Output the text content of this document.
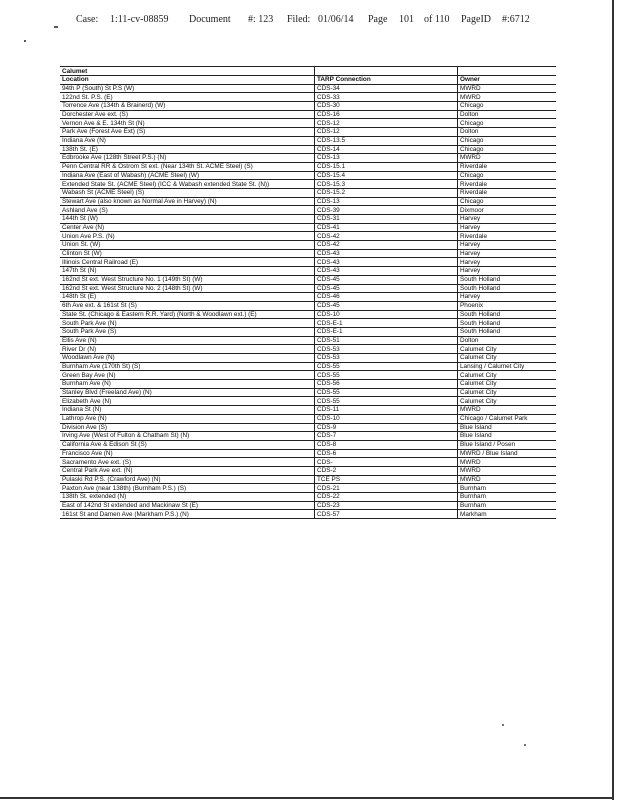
Case: 1:11-cv-08859 Document #: 123 Filed: 01/06/14 Page 101 of 110 PageID #:6712
Calumet		
Location	TARP Connection	Owner
94th P (South) St P.S (W)	CDS-34	MWRD
122nd St. P.S. (E)	CDS-33	MWRD
Torrence Ave (134th & Brainerd) (W)	CDS-30	Chicago
Dorchester Ave ext. (S)	CDS-16	Dolton
Vernon Ave & E. 134th St (N)	CDS-12	Chicago
Park Ave (Forest Ave Ext) (S)	CDS-12	Dolton
Indiana Ave (N)	CDS-13.5	Chicago
138th St. (E)	CDS-14	Chicago
Edbrooke Ave (128th Street P.S.) (N)	CDS-13	MWRD
Penn Central RR & Ostrom St ext. (Near 134th St. ACME Steel) (S)	CDS-15.1	Riverdale
Indiana Ave (East of Wabash) (ACME Steel) (W)	CDS-15.4	Chicago
Extended State St. (ACME Steel) (ICC & Wabash extended State St. (N))	CDS-15.3	Riverdale
Wabash St (ACME Steel) (S)	CDS-15.2	Riverdale
Stewart Ave (also known as Normal Ave in Harvey) (N)	CDS-13	Chicago
Ashland Ave (S)	CDS-39	Dixmoor
144th St (W)	CDS-31	Harvey
Center Ave (N)	CDS-41	Harvey
Union Ave P.S. (N)	CDS-42	Riverdale
Union St. (W)	CDS-42	Harvey
Clinton St (W)	CDS-43	Harvey
Illinois Central Railroad (E)	CDS-43	Harvey
147th St (N)	CDS-43	Harvey
162nd St ext. West Structure No. 1 (149th St) (W)	CDS-45	South Holland
162nd St ext. West Structure No. 2 (148th St) (W)	CDS-45	South Holland
148th St (E)	CDS-46	Harvey
6th Ave ext. & 161st St (S)	CDS-45	Phoenix
State St. (Chicago & Eastern R.R. Yard) (North & Woodlawn ext.) (E)	CDS-10	South Holland
South Park Ave (N)	CDS-E-1	South Holland
South Park Ave (S)	CDS-E-1	South Holland
Ellis Ave (N)	CDS-51	Dolton
River Dr (N)	CDS-53	Calumet City
Woodlawn Ave (N)	CDS-53	Calumet City
Burnham Ave (170th St) (S)	CDS-55	Lansing / Calumet City
Green Bay Ave (N)	CDS-55	Calumet City
Burnham Ave (N)	CDS-56	Calumet City
Stanley Blvd (Freeland Ave) (N)	CDS-55	Calumet City
Elizabeth Ave (N)	CDS-55	Calumet City
Indiana St (N)	CDS-11	MWRD
Lathrop Ave (N)	CDS-10	Chicago / Calumet Park
Division Ave (S)	CDS-9	Blue Island
Irving Ave (West of Fulton & Chatham St) (N)	CDS-7	Blue Island
California Ave & Edison St (S)	CDS-8	Blue Island / Posen
Francisco Ave (N)	CDS-6	MWRD / Blue Island
Sacramento Ave ext. (S)	CDS-	MWRD
Central Park Ave ext. (N)	CDS-2	MWRD
Pulaski Rd P.S. (Crawford Ave) (N)	TCE PS	MWRD
Paxton Ave (near 138th) (Burnham P.S.) (S)	CDS-21	Burnham
138th St. extended (N)	CDS-22	Burnham
East of 142nd St extended and Mackinaw St (E)	CDS-23	Burnham
161st St and Damen Ave (Markham P.S.) (N)	CDS-57	Markham
